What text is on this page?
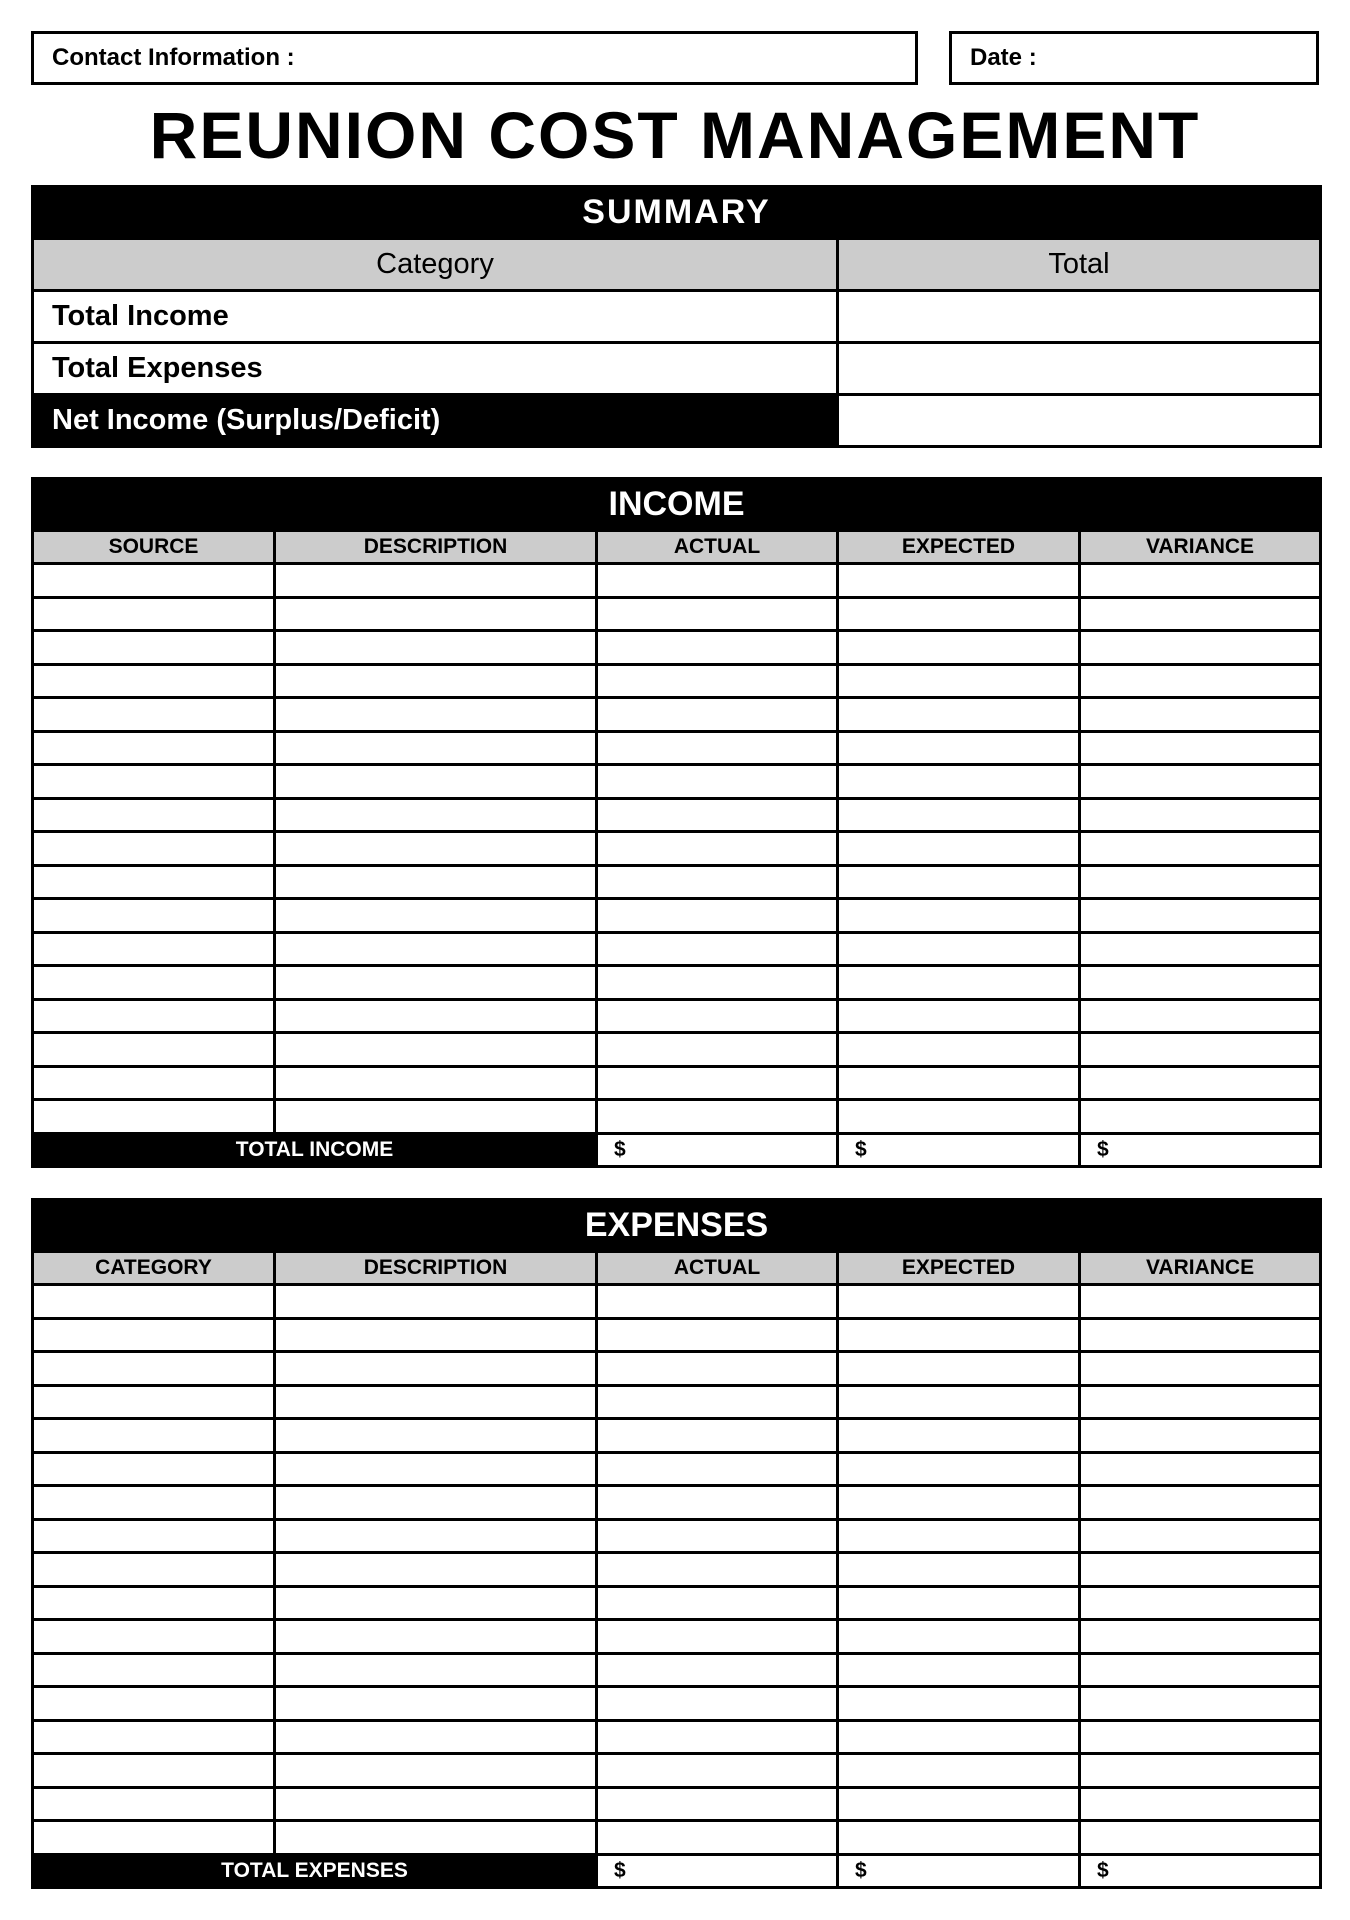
Contact Information :	Date :
REUNION COST MANAGEMENT
SUMMARY	
Category	Total
Total Income	
Total Expenses	
Net Income (Surplus/Deficit)	
INCOME				
SOURCE	DESCRIPTION	ACTUAL	EXPECTED	VARIANCE

TOTAL INCOME		$	$	$
EXPENSES				
CATEGORY	DESCRIPTION	ACTUAL	EXPECTED	VARIANCE

TOTAL EXPENSES		$	$	$
